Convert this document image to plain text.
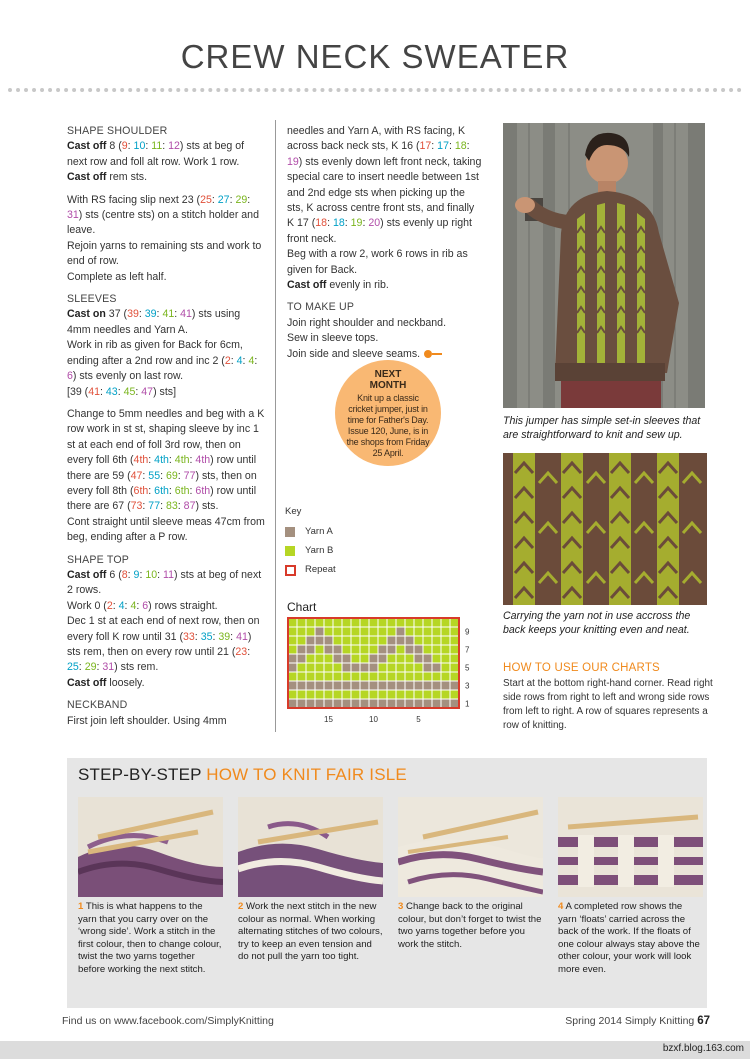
CREW NECK SWEATER
SHAPE SHOULDER
Cast off 8 (9: 10: 11: 12) sts at beg of next row and foll alt row. Work 1 row.
Cast off rem sts.
With RS facing slip next 23 (25: 27: 29: 31) sts (centre sts) on a stitch holder and leave.
Rejoin yarns to remaining sts and work to end of row.
Complete as left half.
SLEEVES
Cast on 37 (39: 39: 41: 41) sts using 4mm needles and Yarn A.
Work in rib as given for Back for 6cm, ending after a 2nd row and inc 2 (2: 4: 4: 6) sts evenly on last row.
[39 (41: 43: 45: 47) sts]
Change to 5mm needles and beg with a K row work in st st, shaping sleeve by inc 1 st at each end of foll 3rd row, then on every foll 6th (4th: 4th: 4th: 4th) row until there are 59 (47: 55: 69: 77) sts, then on every foll 8th (6th: 6th: 6th: 6th) row until there are 67 (73: 77: 83: 87) sts.
Cont straight until sleeve meas 47cm from beg, ending after a P row.
SHAPE TOP
Cast off 6 (8: 9: 10: 11) sts at beg of next 2 rows.
Work 0 (2: 4: 4: 6) rows straight.
Dec 1 st at each end of next row, then on every foll K row until 31 (33: 35: 39: 41) sts rem, then on every row until 21 (23: 25: 29: 31) sts rem.
Cast off loosely.
NECKBAND
First join left shoulder. Using 4mm
needles and Yarn A, with RS facing, K across back neck sts, K 16 (17: 17: 18: 19) sts evenly down left front neck, taking special care to insert needle between 1st and 2nd edge sts when picking up the sts, K across centre front sts, and finally K 17 (18: 18: 19: 20) sts evenly up right front neck.
Beg with a row 2, work 6 rows in rib as given for Back.
Cast off evenly in rib.
TO MAKE UP
Join right shoulder and neckband.
Sew in sleeve tops.
Join side and sleeve seams.
NEXT
MONTH
Knit up a classic cricket jumper, just in time for Father's Day. Issue 120, June, is in the shops from Friday 25 April.
Key
Yarn A
Yarn B
Repeat
Chart
9
7
5
3
1
15	10	5
This jumper has simple set-in sleeves that are straightforward to knit and sew up.
Carrying the yarn not in use accross the back keeps your knitting even and neat.
HOW TO USE OUR CHARTS
Start at the bottom right-hand corner. Read right side rows from right to left and wrong side rows from left to right. A row of squares represents a row of knitting.
STEP-BY-STEP HOW TO KNIT FAIR ISLE
1 This is what happens to the yarn that you carry over on the ‘wrong side’. Work a stitch in the first colour, then to change colour, twist the two yarns together before working the next stitch.
2 Work the next stitch in the new colour as normal. When working alternating stitches of two colours, try to keep an even tension and do not pull the yarn too tight.
3 Change back to the original colour, but don’t forget to twist the two yarns together before you work the stitch.
4 A completed row shows the yarn ‘floats’ carried across the back of the work. If the floats of one colour always stay above the other colour, your work will look more even.
Find us on www.facebook.com/SimplyKnitting	Spring 2014 Simply Knitting 67
bzxf.blog.163.com
